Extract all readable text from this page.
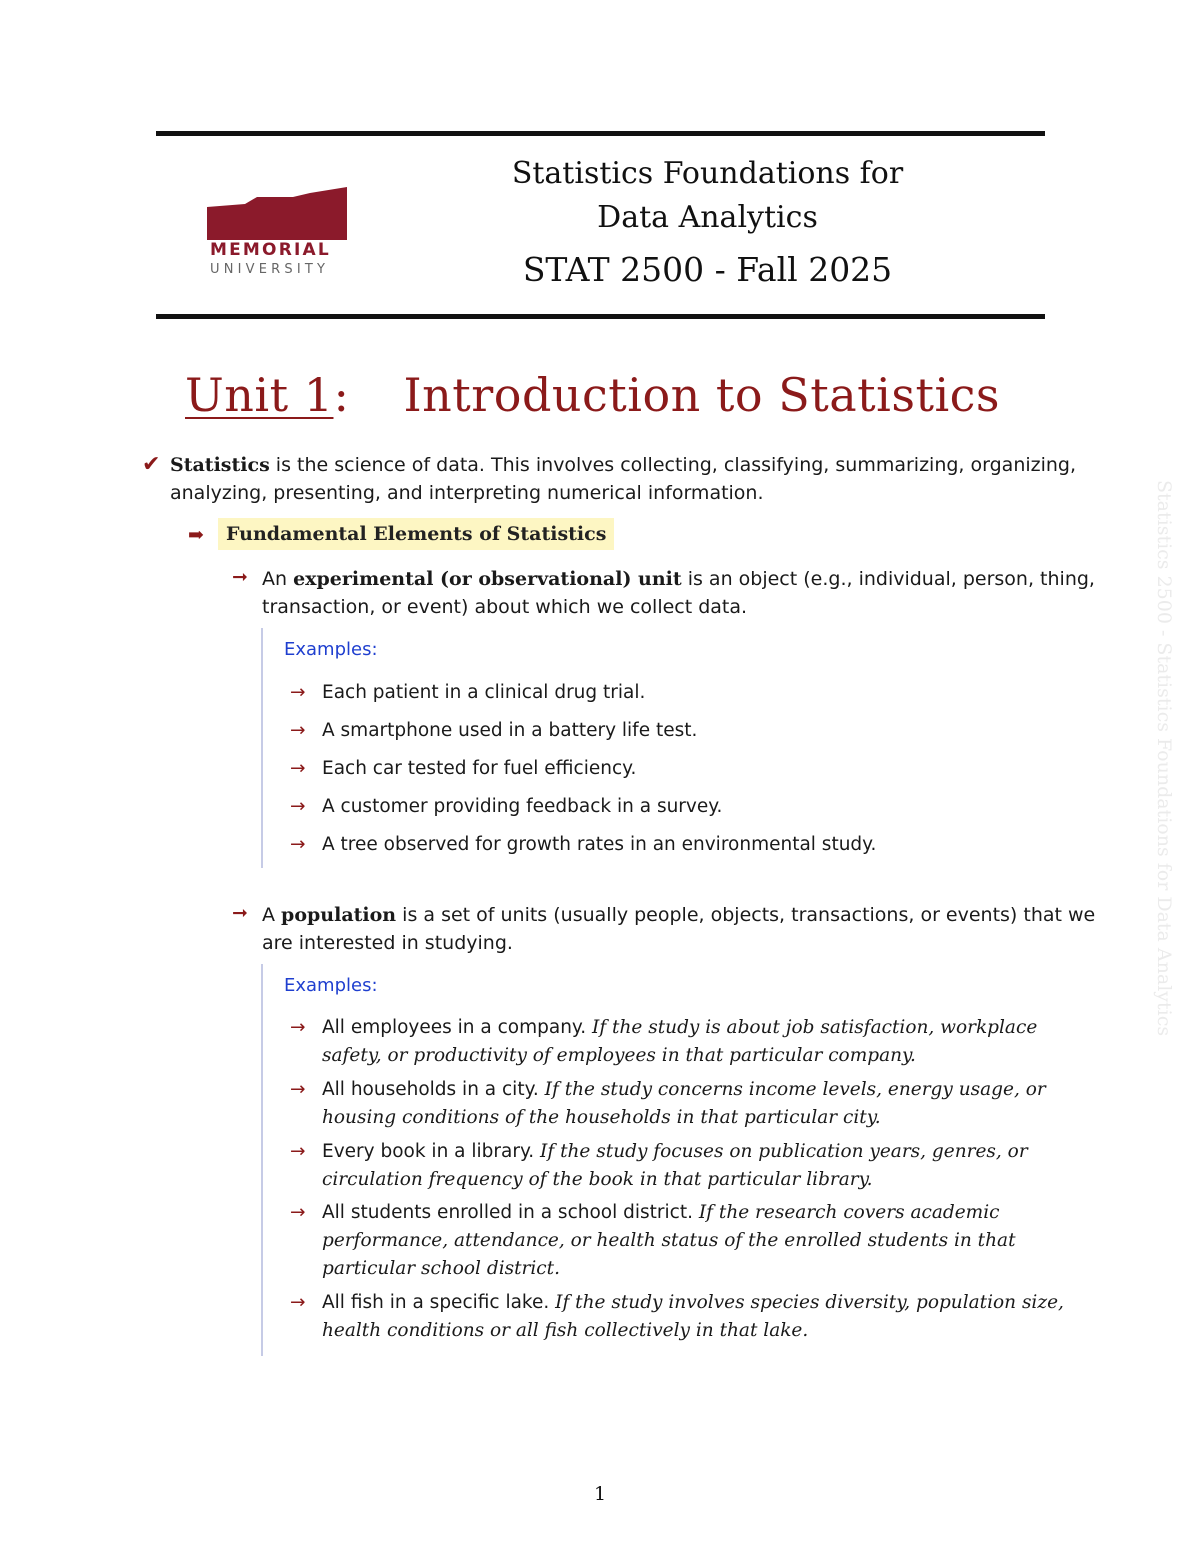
MEMORIAL
UNIVERSITY
Statistics Foundations for
Data Analytics
STAT 2500 - Fall 2025
Unit 1: Introduction to Statistics
✔ Statistics is the science of data. This involves collecting, classifying, summarizing, organizing, analyzing, presenting, and interpreting numerical information.
➡	Fundamental Elements of Statistics
➞ An experimental (or observational) unit is an object (e.g., individual, person, thing, transaction, or event) about which we collect data.
Examples:
→ Each patient in a clinical drug trial.
→ A smartphone used in a battery life test.
→ Each car tested for fuel efficiency.
→ A customer providing feedback in a survey.
→ A tree observed for growth rates in an environmental study.
➞ A population is a set of units (usually people, objects, transactions, or events) that we are interested in studying.
Examples:
→ All employees in a company. If the study is about job satisfaction, workplace safety, or productivity of employees in that particular company.
→ All households in a city. If the study concerns income levels, energy usage, or housing conditions of the households in that particular city.
→ Every book in a library. If the study focuses on publication years, genres, or circulation frequency of the book in that particular library.
→ All students enrolled in a school district. If the research covers academic performance, attendance, or health status of the enrolled students in that particular school district.
→ All fish in a specific lake. If the study involves species diversity, population size, health conditions or all fish collectively in that lake.
Statistics 2500 - Statistics Foundations for Data Analytics
1
